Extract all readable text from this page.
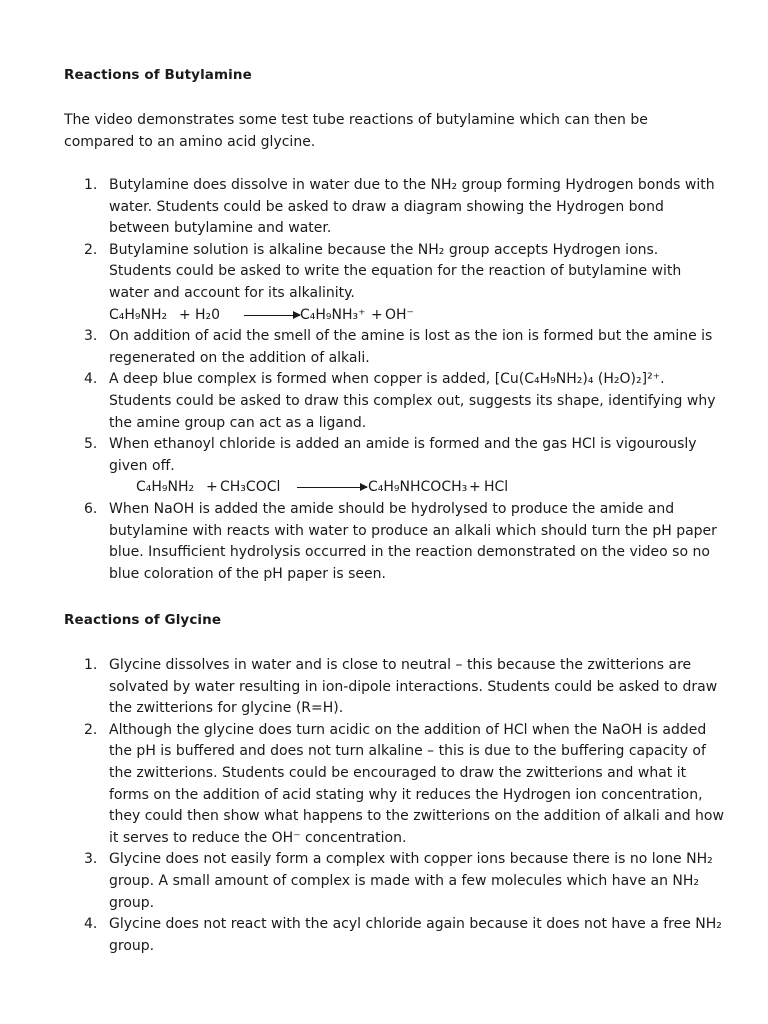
Reactions of Butylamine
The video demonstrates some test tube reactions of butylamine which can then be compared to an amino acid glycine.
1. Butylamine does dissolve in water due to the NH₂ group forming Hydrogen bonds with water. Students could be asked to draw a diagram showing the Hydrogen bond between butylamine and water.
2. Butylamine solution is alkaline because the NH₂ group accepts Hydrogen ions. Students could be asked to write the equation for the reaction of butylamine with water and account for its alkalinity.
C₄H₉NH₂ + H₂0 → C₄H₉NH₃⁺ + OH⁻
3. On addition of acid the smell of the amine is lost as the ion is formed but the amine is regenerated on the addition of alkali.
4. A deep blue complex is formed when copper is added, [Cu(C₄H₉NH₂)₄ (H₂O)₂]²⁺. Students could be asked to draw this complex out, suggests its shape, identifying why the amine group can act as a ligand.
5. When ethanoyl chloride is added an amide is formed and the gas HCl is vigourously given off.
C₄H₉NH₂ + CH₃COCl	C₄H₉NHCOCH₃ + HCl
6. When NaOH is added the amide should be hydrolysed to produce the amide and butylamine with reacts with water to produce an alkali which should turn the pH paper blue. Insufficient hydrolysis occurred in the reaction demonstrated on the video so no blue coloration of the pH paper is seen.
Reactions of Glycine
1. Glycine dissolves in water and is close to neutral – this because the zwitterions are solvated by water resulting in ion-dipole interactions. Students could be asked to draw the zwitterions for glycine (R=H).
2. Although the glycine does turn acidic on the addition of HCl when the NaOH is added the pH is buffered and does not turn alkaline – this is due to the buffering capacity of the zwitterions. Students could be encouraged to draw the zwitterions and what it forms on the addition of acid stating why it reduces the Hydrogen ion concentration, they could then show what happens to the zwitterions on the addition of alkali and how it serves to reduce the OH⁻ concentration.
3. Glycine does not easily form a complex with copper ions because there is no lone NH₂ group. A small amount of complex is made with a few molecules which have an NH₂ group.
4. Glycine does not react with the acyl chloride again because it does not have a free NH₂ group.
